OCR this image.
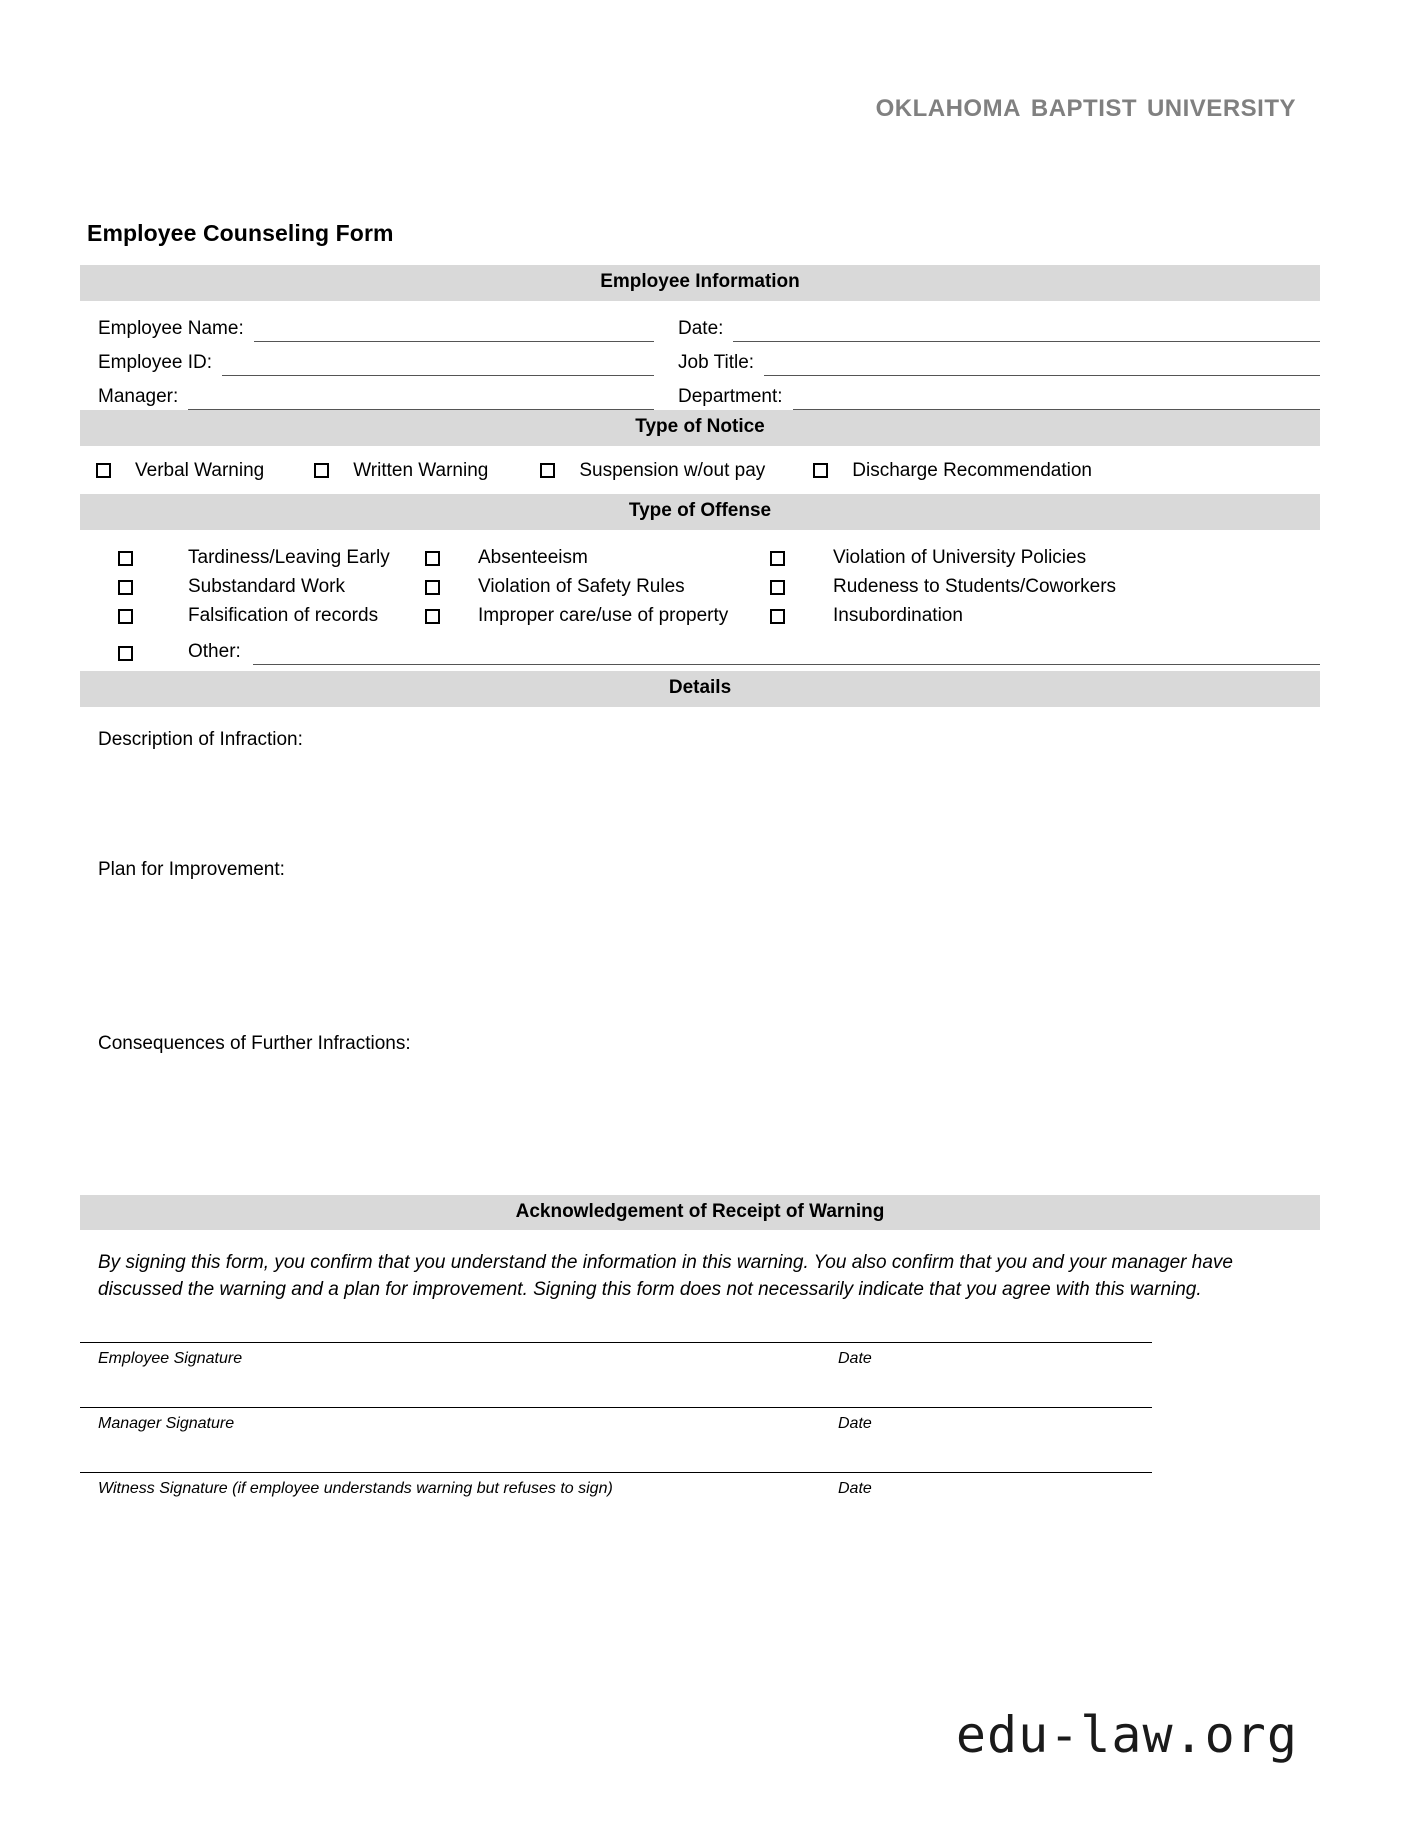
oklahoma baptist university
Employee Counseling Form
Employee Information
Employee Name:	Date:
Employee ID:	Job Title:
Manager:	Department:
Type of Notice
Verbal Warning	Written Warning	Suspension w/out pay	Discharge Recommendation
Type of Offense
Tardiness/Leaving Early	Absenteeism	Violation of University Policies
Substandard Work	Violation of Safety Rules	Rudeness to Students/Coworkers
Falsification of records	Improper care/use of property	Insubordination
Other:
Details
Description of Infraction:
Plan for Improvement:
Consequences of Further Infractions:
Acknowledgement of Receipt of Warning
By signing this form, you confirm that you understand the information in this warning. You also confirm that you and your manager have discussed the warning and a plan for improvement. Signing this form does not necessarily indicate that you agree with this warning.
Employee Signature	Date
Manager Signature	Date
Witness Signature (if employee understands warning but refuses to sign)	Date
edu-law.org
